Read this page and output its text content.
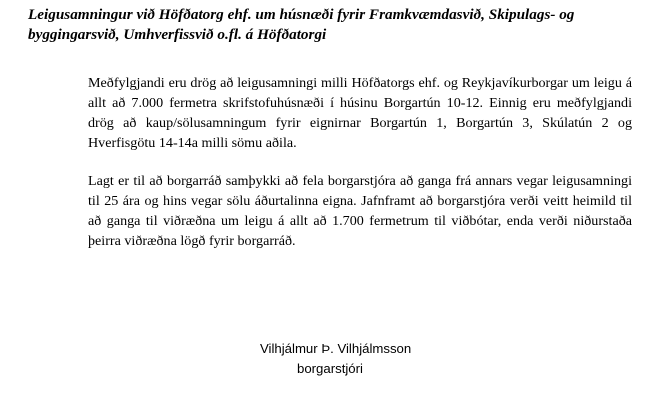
Leigusamningur við Höfðatorg ehf. um húsnæði fyrir Framkvæmdasvið, Skipulags- og byggingarsvið, Umhverfissvið o.fl. á Höfðatorgi

Meðfylgjandi eru drög að leigusamningi milli Höfðatorgs ehf. og Reykjavíkurborgar um leigu á allt að 7.000 fermetra skrifstofuhúsnæði í húsinu Borgartún 10-12. Einnig eru meðfylgjandi drög að kaup/sölusamningum fyrir eignirnar Borgartún 1, Borgartún 3, Skúlatún 2 og Hverfisgötu 14-14a milli sömu aðila.

Lagt er til að borgarráð samþykki að fela borgarstjóra að ganga frá annars vegar leigusamningi til 25 ára og hins vegar sölu áðurtalinna eigna. Jafnframt að borgarstjóra verði veitt heimild til að ganga til viðræðna um leigu á allt að 1.700 fermetrum til viðbótar, enda verði niðurstaða þeirra viðræðna lögð fyrir borgarráð.

Vilhjálmur Þ. Vilhjálmsson
borgarstjóri
